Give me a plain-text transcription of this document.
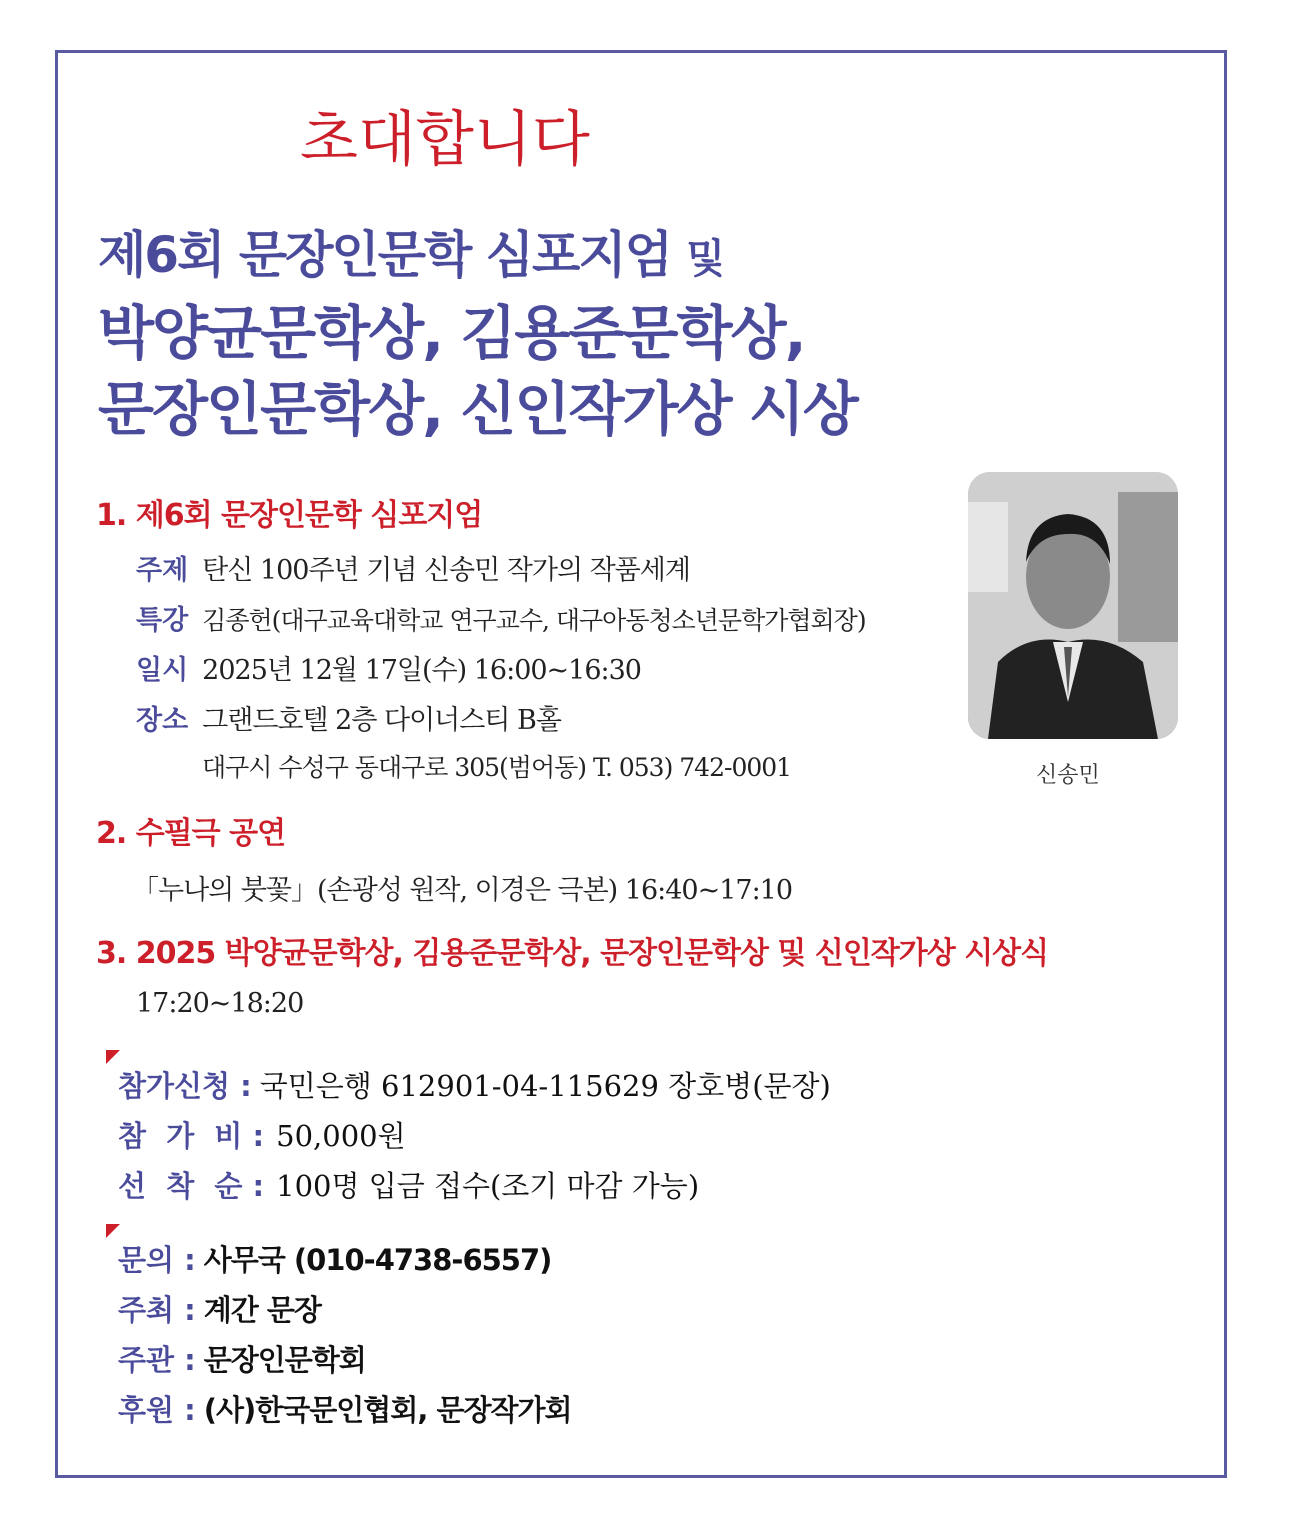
초대합니다
제6회 문장인문학 심포지엄 및
박양균문학상, 김용준문학상,
문장인문학상, 신인작가상 시상
1. 제6회 문장인문학 심포지엄
주제 탄신 100주년 기념 신송민 작가의 작품세계
특강 김종헌(대구교육대학교 연구교수, 대구아동청소년문학가협회장)
일시 2025년 12월 17일(수) 16:00~16:30
장소 그랜드호텔 2층 다이너스티 B홀
대구시 수성구 동대구로 305(범어동) T. 053) 742-0001	신송민
2. 수필극 공연
「누나의 붓꽃」(손광성 원작, 이경은 극본) 16:40~17:10
3. 2025 박양균문학상, 김용준문학상, 문장인문학상 및 신인작가상 시상식
17:20~18:20
참가신청 : 국민은행 612901-04-115629 장호병(문장)
참  가  비 : 50,000원
선  착  순 : 100명 입금 접수(조기 마감 가능)
문의 : 사무국 (010-4738-6557)
주최 : 계간 문장
주관 : 문장인문학회
후원 : (사)한국문인협회, 문장작가회
